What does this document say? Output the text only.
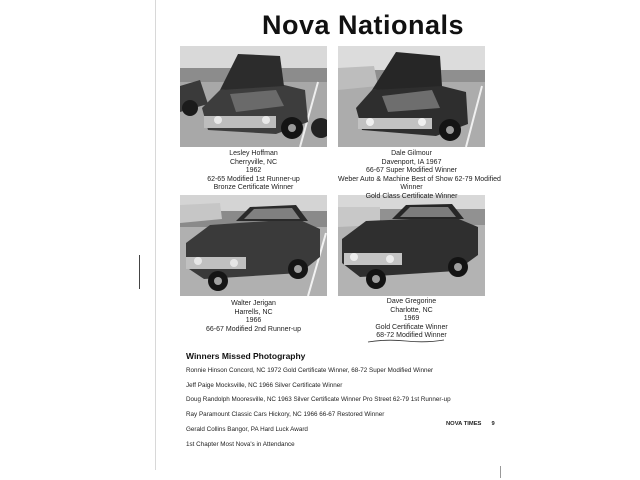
Nova Nationals
Lesley Hoffman
Cherryville, NC
1962
62-65 Modified 1st Runner-up
Bronze Certificate Winner
Dale Gilmour
Davenport, IA 1967
66-67 Super Modified Winner
Weber Auto & Machine Best of Show 62-79 Modified
Winner
Gold Class Certificate Winner
Walter Jerigan
Harrells, NC
1966
66-67 Modified 2nd Runner-up
Dave Gregorine
Charlotte, NC
1969
Gold Certificate Winner
68-72 Modified Winner
Winners Missed Photography

Ronnie Hinson Concord, NC 1972 Gold Certificate Winner, 68-72 Super Modified Winner

Jeff Paige Mocksville, NC 1966 Silver Certificate Winner

Doug Randolph Mooresville, NC 1963 Silver Certificate Winner Pro Street 62-79 1st Runner-up

Ray Paramount Classic Cars Hickory, NC 1966 66-67 Restored Winner

Gerald Collins Bangor, PA Hard Luck Award

1st Chapter Most Nova's in Attendance

NOVA TIMES 9
